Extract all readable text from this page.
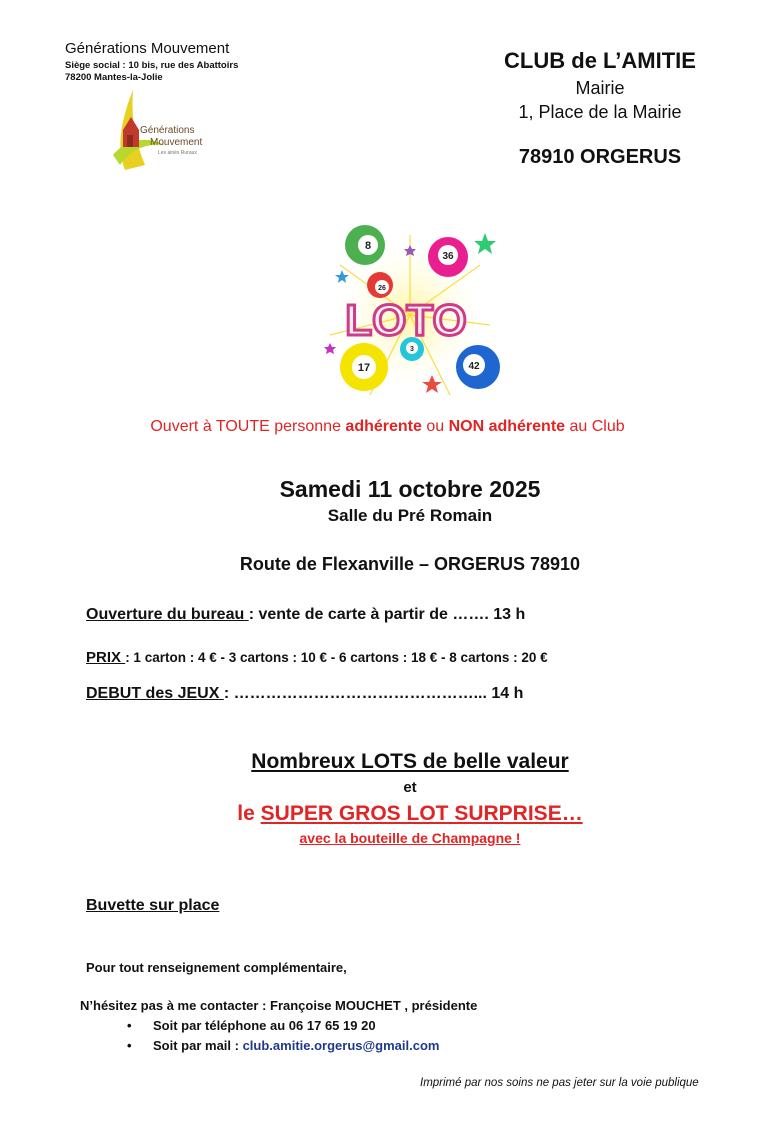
Générations Mouvement
Siège social : 10 bis, rue des Abattoirs
78200 Mantes-la-Jolie
Générations
Mouvement
Les ainés Ruraux
CLUB de L’AMITIE
Mairie
1, Place de la Mairie
78910 ORGERUS
8
36
26
3
17	42
LOTO
Ouvert à TOUTE personne adhérente ou NON adhérente au Club
Samedi 11 octobre 2025
Salle du Pré Romain
Route de Flexanville – ORGERUS 78910
Ouverture du bureau : vente de carte à partir de ……. 13 h
PRIX : 1 carton : 4 € - 3 cartons : 10 € - 6 cartons : 18 € - 8 cartons : 20 €
DEBUT des JEUX : ………………………………………... 14 h
Nombreux LOTS de belle valeur
et
le SUPER GROS LOT SURPRISE…
avec la bouteille de Champagne !
Buvette sur place
Pour tout renseignement complémentaire,
N’hésitez pas à me contacter : Françoise MOUCHET , présidente
• Soit par téléphone au 06 17 65 19 20
• Soit par mail : club.amitie.orgerus@gmail.com
Imprimé par nos soins ne pas jeter sur la voie publique
